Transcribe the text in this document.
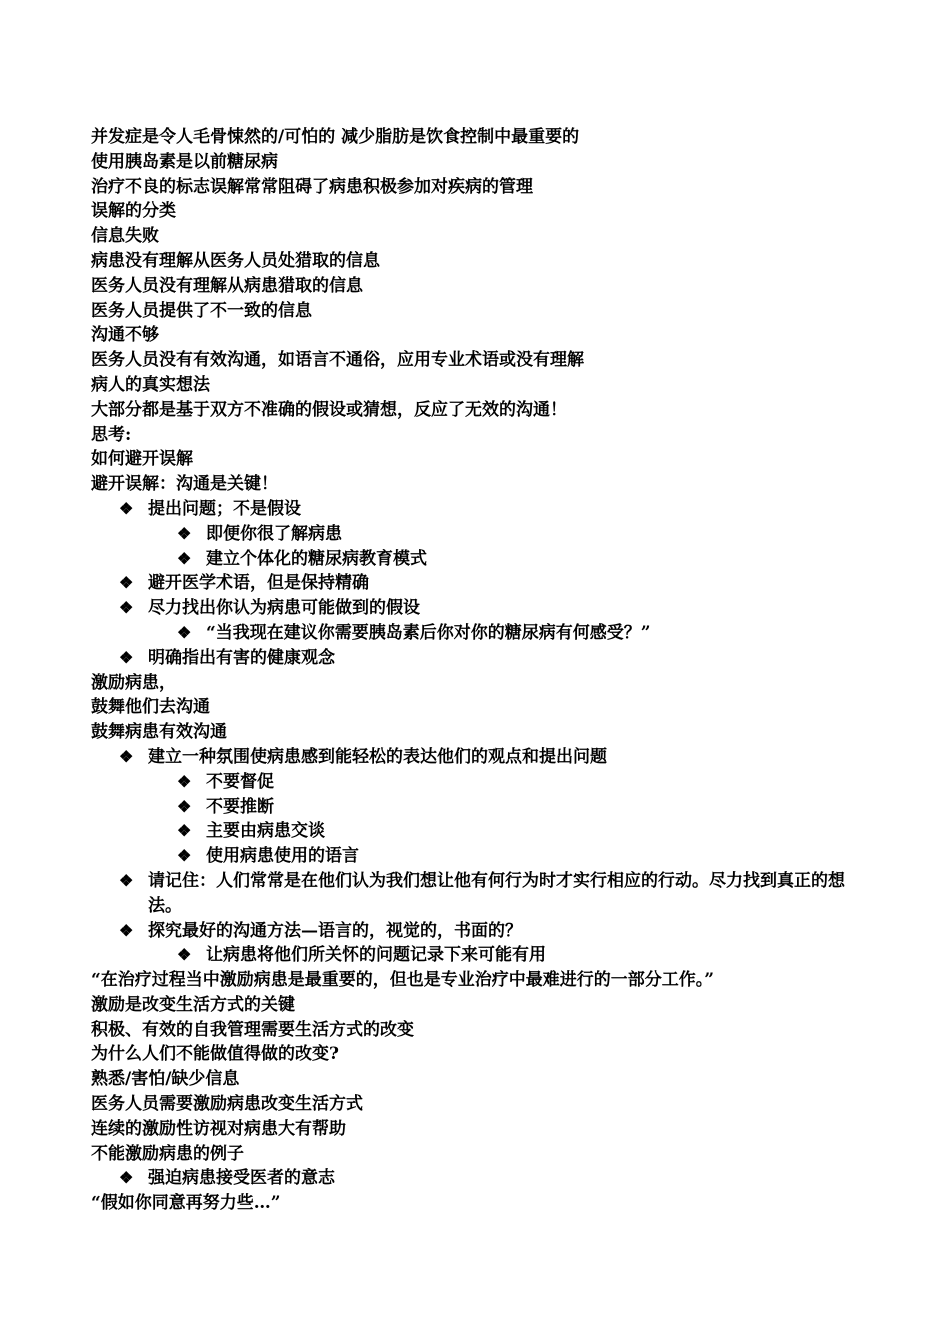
并发症是令人毛骨悚然的/可怕的 减少脂肪是饮食控制中最重要的
使用胰岛素是以前糖尿病
治疗不良的标志误解常常阻碍了病患积极参加对疾病的管理
误解的分类
信息失败
病患没有理解从医务人员处猎取的信息
医务人员没有理解从病患猎取的信息
医务人员提供了不一致的信息
沟通不够
医务人员没有有效沟通，如语言不通俗，应用专业术语或没有理解
病人的真实想法
大部分都是基于双方不准确的假设或猜想，反应了无效的沟通！
思考:
如何避开误解
避开误解：沟通是关键！
❖ 提出问题；不是假设
❖ 即便你很了解病患
❖ 建立个体化的糖尿病教育模式
❖ 避开医学术语，但是保持精确
❖ 尽力找出你认为病患可能做到的假设
❖ “当我现在建议你需要胰岛素后你对你的糖尿病有何感受？”
❖ 明确指出有害的健康观念
激励病患，
鼓舞他们去沟通
鼓舞病患有效沟通
❖ 建立一种氛围使病患感到能轻松的表达他们的观点和提出问题
❖ 不要督促
❖ 不要推断
❖ 主要由病患交谈
❖ 使用病患使用的语言
❖ 请记住：人们常常是在他们认为我们想让他有何行为时才实行相应的行动。尽力找到真正的想法。
❖ 探究最好的沟通方法—语言的，视觉的，书面的？
❖ 让病患将他们所关怀的问题记录下来可能有用
“在治疗过程当中激励病患是最重要的，但也是专业治疗中最难进行的一部分工作。”
激励是改变生活方式的关键
积极、有效的自我管理需要生活方式的改变
为什么人们不能做值得做的改变?
熟悉/害怕/缺少信息
医务人员需要激励病患改变生活方式
连续的激励性访视对病患大有帮助
不能激励病患的例子
❖ 强迫病患接受医者的意志
“假如你同意再努力些…”
